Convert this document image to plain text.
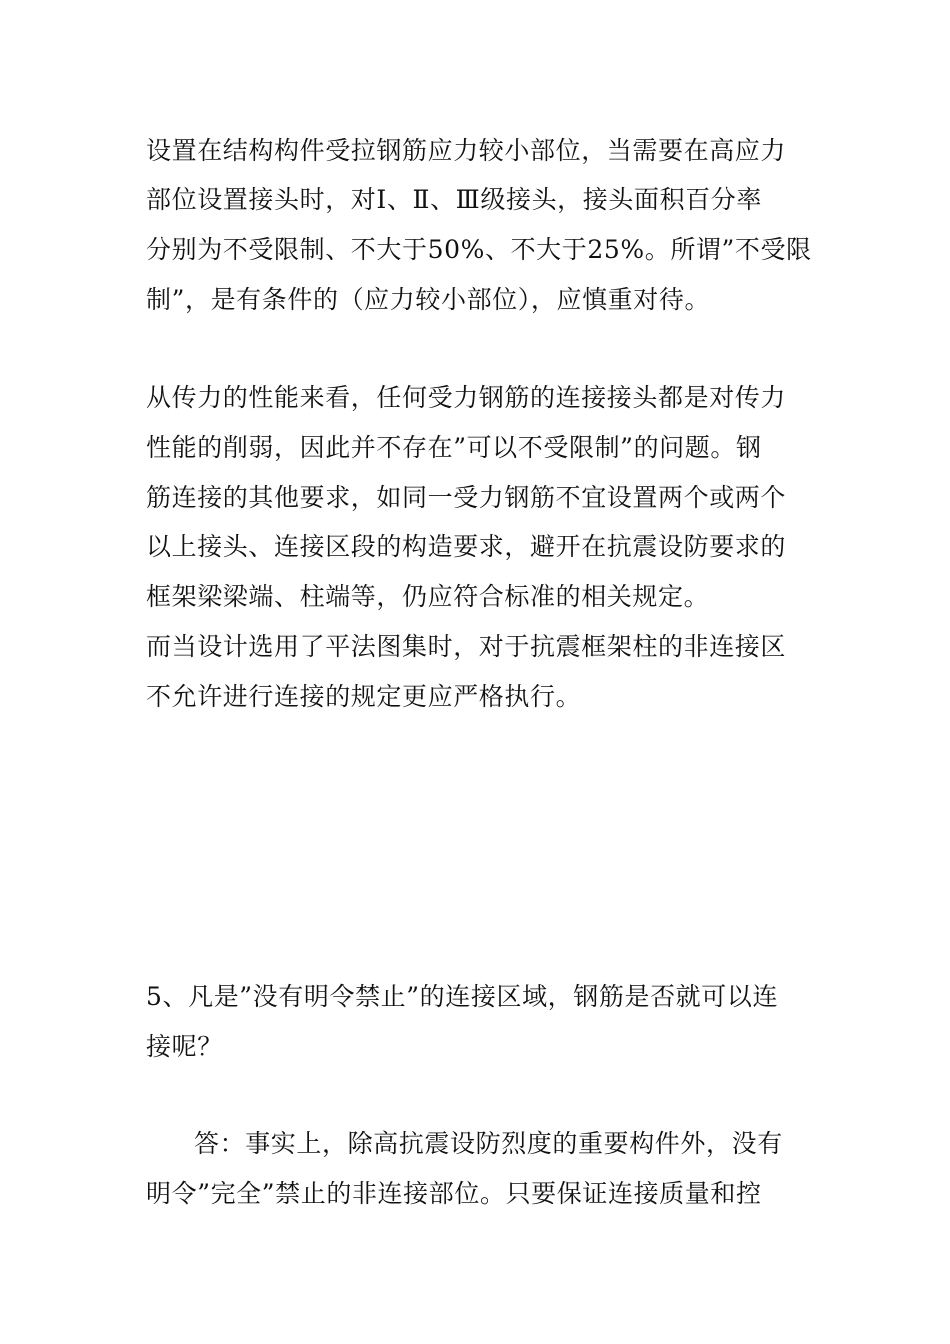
设置在结构构件受拉钢筋应力较小部位，当需要在高应力
部位设置接头时，对Ⅰ、Ⅱ、Ⅲ级接头，接头面积百分率
分别为不受限制、不大于50%、不大于25%。所谓”不受限
制”，是有条件的（应力较小部位），应慎重对待。
从传力的性能来看，任何受力钢筋的连接接头都是对传力
性能的削弱，因此并不存在”可以不受限制”的问题。钢
筋连接的其他要求，如同一受力钢筋不宜设置两个或两个
以上接头、连接区段的构造要求，避开在抗震设防要求的
框架梁梁端、柱端等，仍应符合标准的相关规定。
而当设计选用了平法图集时，对于抗震框架柱的非连接区
不允许进行连接的规定更应严格执行。
5、凡是”没有明令禁止”的连接区域，钢筋是否就可以连
接呢？
答：事实上，除高抗震设防烈度的重要构件外，没有
明令”完全”禁止的非连接部位。只要保证连接质量和控
